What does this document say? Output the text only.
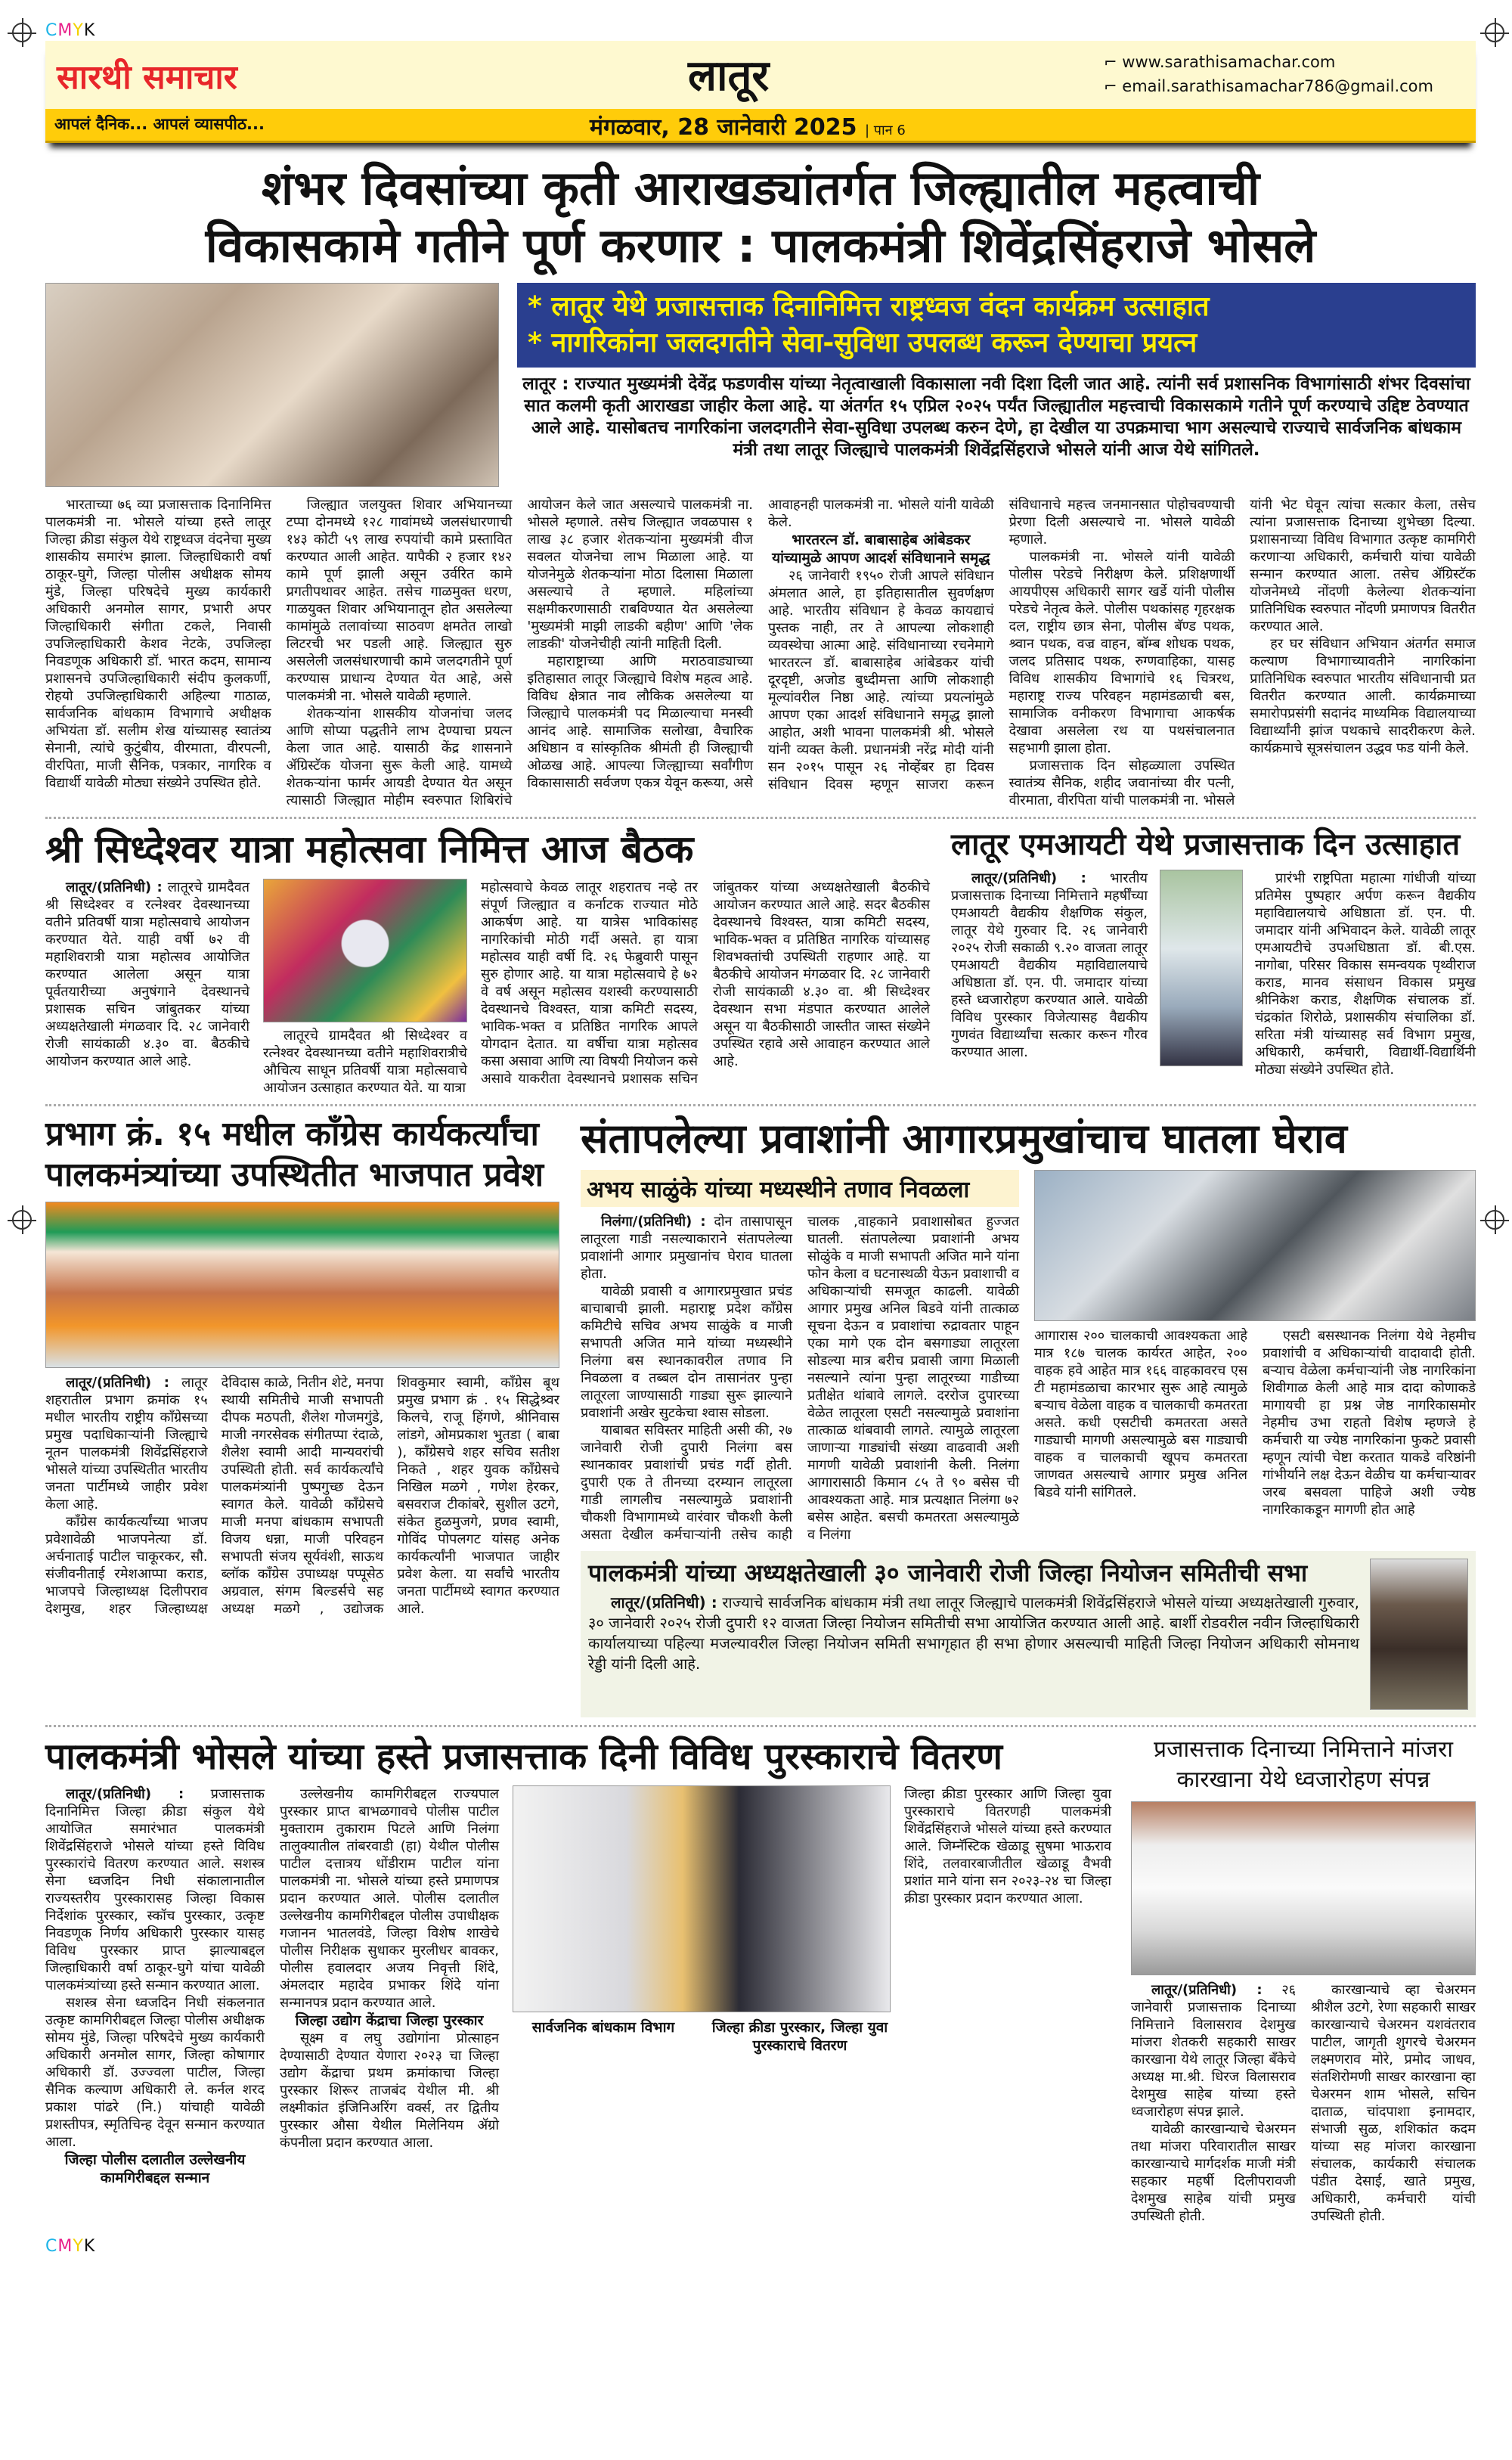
CMYK
सारथी समाचार	लातूर	⌐ www.sarathisamachar.com
⌐ email.sarathisamachar786@gmail.com
आपलं दैनिक... आपलं व्यासपीठ...	मंगळवार, 28 जानेवारी 2025 | पान 6
शंभर दिवसांच्या कृती आराखड्यांतर्गत जिल्ह्यातील महत्वाची
विकासकामे गतीने पूर्ण करणार : पालकमंत्री शिवेंद्रसिंहराजे भोसले
* लातूर येथे प्रजासत्ताक दिनानिमित्त राष्ट्रध्वज वंदन कार्यक्रम उत्साहात
* नागरिकांना जलदगतीने सेवा-सुविधा उपलब्ध करून देण्याचा प्रयत्न

लातूर : राज्यात मुख्यमंत्री देवेंद्र फडणवीस यांच्या नेतृत्वाखाली विकासाला नवी दिशा दिली जात आहे. त्यांनी सर्व प्रशासनिक विभागांसाठी शंभर दिवसांचा सात कलमी कृती आराखडा जाहीर केला आहे. या अंतर्गत १५ एप्रिल २०२५ पर्यंत जिल्ह्यातील महत्त्वाची विकासकामे गतीने पूर्ण करण्याचे उद्दिष्ट ठेवण्यात आले आहे. यासोबतच नागरिकांना जलदगतीने सेवा-सुविधा उपलब्ध करुन देणे, हा देखील या उपक्रमाचा भाग असल्याचे राज्याचे सार्वजनिक बांधकाम मंत्री तथा लातूर जिल्ह्याचे पालकमंत्री शिवेंद्रसिंहराजे भोसले यांनी आज येथे सांगितले.

भारताच्या ७६ व्या प्रजासत्ताक दिनानिमित्त पालकमंत्री ना. भोसले यांच्या हस्ते लातूर जिल्हा क्रीडा संकुल येथे राष्ट्रध्वज वंदनेचा मुख्य शासकीय समारंभ झाला. जिल्हाधिकारी वर्षा ठाकूर-घुगे, जिल्हा पोलीस अधीक्षक सोमय मुंडे, जिल्हा परिषदेचे मुख्य कार्यकारी अधिकारी अनमोल सागर, प्रभारी अपर जिल्हाधिकारी संगीता टकले, निवासी उपजिल्हाधिकारी केशव नेटके, उपजिल्हा निवडणूक अधिकारी डॉ. भारत कदम, सामान्य प्रशासनचे उपजिल्हाधिकारी संदीप कुलकर्णी, रोहयो उपजिल्हाधिकारी अहिल्या गाठाळ, सार्वजनिक बांधकाम विभागाचे अधीक्षक अभियंता डॉ. सलीम शेख यांच्यासह स्वातंत्र्य सेनानी, त्यांचे कुटुंबीय, वीरमाता, वीरपत्नी, वीरपिता, माजी सैनिक, पत्रकार, नागरिक व विद्यार्थी यावेळी मोठ्या संख्येने उपस्थित होते.

जिल्ह्यात जलयुक्त शिवार अभियानच्या टप्पा दोनमध्ये १२८ गावांमध्ये जलसंधारणाची १४३ कोटी ५९ लाख रुपयांची कामे प्रस्तावित करण्यात आली आहेत. यापैकी २ हजार १४२ कामे पूर्ण झाली असून उर्वरित कामे प्रगतीपथावर आहेत. तसेच गाळमुक्त धरण, गाळयुक्त शिवार अभियानातून होत असलेल्या कामांमुळे तलावांच्या साठवण क्षमतेत लाखो लिटरची भर पडली आहे. जिल्ह्यात सुरु असलेली जलसंधारणाची कामे जलदगतीने पूर्ण करण्यास प्राधान्य देण्यात येत आहे, असे पालकमंत्री ना. भोसले यावेळी म्हणाले.

शेतकऱ्यांना शासकीय योजनांचा जलद आणि सोप्या पद्धतीने लाभ देण्याचा प्रयत्न केला जात आहे. यासाठी केंद्र शासनाने ॲग्रिस्टॅक योजना सुरू केली आहे. यामध्ये शेतकऱ्यांना फार्मर आयडी देण्यात येत असून त्यासाठी जिल्ह्यात मोहीम स्वरुपात शिबिरांचे आयोजन केले जात असल्याचे पालकमंत्री ना. भोसले म्हणाले. तसेच जिल्ह्यात जवळपास १ लाख ३८ हजार शेतकऱ्यांना मुख्यमंत्री वीज सवलत योजनेचा लाभ मिळाला आहे. या योजनेमुळे शेतकऱ्यांना मोठा दिलासा मिळाला असल्याचे ते म्हणाले. महिलांच्या सक्षमीकरणासाठी राबविण्यात येत असलेल्या 'मुख्यमंत्री माझी लाडकी बहीण' आणि 'लेक लाडकी' योजनेचीही त्यांनी माहिती दिली.

महाराष्ट्राच्या आणि मराठवाड्याच्या इतिहासात लातूर जिल्ह्याचे विशेष महत्व आहे. विविध क्षेत्रात नाव लौकिक असलेल्या या जिल्ह्याचे पालकमंत्री पद मिळाल्याचा मनस्वी आनंद आहे. सामाजिक सलोखा, वैचारिक अधिष्ठान व सांस्कृतिक श्रीमंती ही जिल्ह्याची ओळख आहे. आपल्या जिल्ह्याच्या सर्वांगीण विकासासाठी सर्वजण एकत्र येवून करूया, असे आवाहनही पालकमंत्री ना. भोसले यांनी यावेळी केले.

भारतरत्न डॉ. बाबासाहेब आंबेडकर यांच्यामुळे आपण आदर्श संविधानाने समृद्ध

२६ जानेवारी १९५० रोजी आपले संविधान अंमलात आले, हा इतिहासातील सुवर्णक्षण आहे. भारतीय संविधान हे केवळ कायद्याचं पुस्तक नाही, तर ते आपल्या लोकशाही व्यवस्थेचा आत्मा आहे. संविधानाच्या रचनेमागे भारतरत्न डॉ. बाबासाहेब आंबेडकर यांची दूरदृष्टी, अजोड बुध्दीमत्ता आणि लोकशाही मूल्यांवरील निष्ठा आहे. त्यांच्या प्रयत्नांमुळे आपण एका आदर्श संविधानाने समृद्ध झालो आहोत, अशी भावना पालकमंत्री श्री. भोसले यांनी व्यक्त केली. प्रधानमंत्री नरेंद्र मोदी यांनी सन २०१५ पासून २६ नोव्हेंबर हा दिवस संविधान दिवस म्हणून साजरा करून संविधानाचे महत्त्व जनमानसात पोहोचवण्याची प्रेरणा दिली असल्याचे ना. भोसले यावेळी म्हणाले.

पालकमंत्री ना. भोसले यांनी यावेळी पोलीस परेडचे निरीक्षण केले. प्रशिक्षणार्थी आयपीएस अधिकारी सागर खर्डे यांनी पोलीस परेडचे नेतृत्व केले. पोलीस पथकांसह गृहरक्षक दल, राष्ट्रीय छात्र सेना, पोलीस बॅण्ड पथक, श्र्वान पथक, वज्र वाहन, बॉम्ब शोधक पथक, जलद प्रतिसाद पथक, रुग्णवाहिका, यासह विविध शासकीय विभागांचे १६ चित्ररथ, महाराष्ट्र राज्य परिवहन महामंडळाची बस, सामाजिक वनीकरण विभागाचा आकर्षक देखावा असलेला रथ या पथसंचालनात सहभागी झाला होता.

प्रजासत्ताक दिन सोहळ्याला उपस्थित स्वातंत्र्य सैनिक, शहीद जवानांच्या वीर पत्नी, वीरमाता, वीरपिता यांची पालकमंत्री ना. भोसले यांनी भेट घेवून त्यांचा सत्कार केला, तसेच त्यांना प्रजासत्ताक दिनाच्या शुभेच्छा दिल्या. प्रशासनाच्या विविध विभागात उत्कृष्ट कामगिरी करणाऱ्या अधिकारी, कर्मचारी यांचा यावेळी सन्मान करण्यात आला. तसेच ॲग्रिस्टॅक योजनेमध्ये नोंदणी केलेल्या शेतकऱ्यांना प्रातिनिधिक स्वरुपात नोंदणी प्रमाणपत्र वितरीत करण्यात आले.

हर घर संविधान अभियान अंतर्गत समाज कल्याण विभागाच्यावतीने नागरिकांना प्रातिनिधिक स्वरुपात भारतीय संविधानाची प्रत वितरीत करण्यात आली. कार्यक्रमाच्या समारोपप्रसंगी सदानंद माध्यमिक विद्यालयाच्या विद्यार्थ्यांनी झांज पथकाचे सादरीकरण केले. कार्यक्रमाचे सूत्रसंचालन उद्धव फड यांनी केले.

श्री सिध्देश्वर यात्रा महोत्सवा निमित्त आज बैठक

लातूर/(प्रतिनिधी) : लातूरचे ग्रामदैवत श्री सिध्देश्वर व रत्नेश्वर देवस्थानच्या वतीने प्रतिवर्षी यात्रा महोत्सवाचे आयोजन करण्यात येते. याही वर्षी ७२ वी महाशिवरात्री यात्रा महोत्सव आयोजित करण्यात आलेला असून यात्रा पूर्वतयारीच्या अनुषंगाने देवस्थानचे प्रशासक सचिन जांबुतकर यांच्या अध्यक्षतेखाली मंगळवार दि. २८ जानेवारी रोजी सायंकाळी ४.३० वा. बैठकीचे आयोजन करण्यात आले आहे.

लातूरचे ग्रामदैवत श्री सिध्देश्वर व रत्नेश्वर देवस्थानच्या वतीने महाशिवरात्रीचे औचित्य साधून प्रतिवर्षी यात्रा महोत्सवाचे आयोजन उत्साहात करण्यात येते. या यात्रा

महोत्सवाचे केवळ लातूर शहरातच नव्हे तर संपूर्ण जिल्ह्यात व कर्नाटक राज्यात मोठे आकर्षण आहे. या यात्रेस भाविकांसह नागरिकांची मोठी गर्दी असते. हा यात्रा महोत्सव याही वर्षी दि. २६ फेब्रुवारी पासून सुरु होणार आहे. या यात्रा महोत्सवाचे हे ७२ वे वर्ष असून महोत्सव यशस्वी करण्यासाठी देवस्थानचे विश्वस्त, यात्रा कमिटी सदस्य, भाविक-भक्त व प्रतिष्ठित नागरिक आपले योगदान देतात. या वर्षीचा यात्रा महोत्सव कसा असावा आणि त्या विषयी नियोजन कसे असावे याकरीता देवस्थानचे प्रशासक सचिन जांबुतकर यांच्या अध्यक्षतेखाली बैठकीचे आयोजन करण्यात आले आहे. सदर बैठकीस देवस्थानचे विश्वस्त, यात्रा कमिटी सदस्य, भाविक-भक्त व प्रतिष्ठित नागरिक यांच्यासह शिवभक्तांची उपस्थिती राहणार आहे. या बैठकीचे आयोजन मंगळवार दि. २८ जानेवारी रोजी सायंकाळी ४.३० वा. श्री सिध्देश्वर देवस्थान सभा मंडपात करण्यात आलेले असून या बैठकीसाठी जास्तीत जास्त संख्येने उपस्थित रहावे असे आवाहन करण्यात आले आहे.

लातूर एमआयटी येथे प्रजासत्ताक दिन उत्साहात

लातूर/(प्रतिनिधी) : भारतीय प्रजासत्ताक दिनाच्या निमित्ताने महर्षींच्या एमआयटी वैद्यकीय शैक्षणिक संकुल, लातूर येथे गुरुवार दि. २६ जानेवारी २०२५ रोजी सकाळी ९.२० वाजता लातूर एमआयटी वैद्यकीय महाविद्यालयाचे अधिष्ठाता डॉ. एन. पी. जमादार यांच्या हस्ते ध्वजारोहण करण्यात आले. यावेळी विविध पुरस्कार विजेत्यासह वैद्यकीय गुणवंत विद्यार्थ्यांचा सत्कार करून गौरव करण्यात आला.

प्रारंभी राष्ट्रपिता महात्मा गांधीजी यांच्या प्रतिमेस पुष्पहार अर्पण करून वैद्यकीय महाविद्यालयाचे अधिष्ठाता डॉ. एन. पी. जमादार यांनी अभिवादन केले. यावेळी लातूर एमआयटीचे उपअधिष्ठाता डॉ. बी.एस. नागोबा, परिसर विकास समन्वयक पृथ्वीराज कराड, मानव संसाधन विकास प्रमुख श्रीनिकेश कराड, शैक्षणिक संचालक डॉ. चंद्रकांत शिरोळे, प्रशासकीय संचालिका डॉ. सरिता मंत्री यांच्यासह सर्व विभाग प्रमुख, अधिकारी, कर्मचारी, विद्यार्थी-विद्यार्थिनी मोठ्या संख्येने उपस्थित होते.

प्रभाग क्रं. १५ मधील काँग्रेस कार्यकर्त्यांचा
पालकमंत्र्यांच्या उपस्थितीत भाजपात प्रवेश

लातूर/(प्रतिनिधी) : लातूर शहरातील प्रभाग क्रमांक १५ मधील भारतीय राष्ट्रीय काँग्रेसच्या प्रमुख पदाधिकाऱ्यांनी जिल्ह्याचे नूतन पालकमंत्री शिवेंद्रसिंहराजे भोसले यांच्या उपस्थितीत भारतीय जनता पार्टीमध्ये जाहीर प्रवेश केला आहे.

काँग्रेस कार्यकर्त्यांच्या भाजप प्रवेशावेळी भाजपनेत्या डॉ. अर्चनाताई पाटील चाकूरकर, सौ. संजीवनीताई रमेशआप्पा कराड, भाजपचे जिल्हाध्यक्ष दिलीपराव देशमुख, शहर जिल्हाध्यक्ष देविदास काळे, नितीन शेटे, मनपा स्थायी समितीचे माजी सभापती दीपक मठपती, शैलेश गोजमगुंडे, माजी नगरसेवक संगीतप्पा रंदाळे, शैलेश स्वामी आदी मान्यवरांची उपस्थिती होती. सर्व कार्यकर्त्यांचे पालकमंत्र्यांनी पुष्पगुच्छ देऊन स्वागत केले. यावेळी काँग्रेसचे माजी मनपा बांधकाम सभापती विजय धन्ना, माजी परिवहन सभापती संजय सूर्यवंशी, साऊथ ब्लॉक काँग्रेस उपाध्यक्ष पप्पूसेठ अग्रवाल, संगम बिल्डर्सचे सह अध्यक्ष मळगे , उद्योजक शिवकुमार स्वामी, काँग्रेस बूथ प्रमुख प्रभाग क्रं . १५ सिद्धेश्र्वर किलचे, राजू हिंगणे, श्रीनिवास लांडगे, ओमप्रकाश भुतडा ( बाबा ), काँग्रेसचे शहर सचिव सतीश निकते , शहर युवक काँग्रेसचे निखिल मळगे , गणेश हेरकर, बसवराज टीकांबरे, सुशील उटगे, संकेत हुळमुजगे, प्रणव स्वामी, गोविंद पोपलगट यांसह अनेक कार्यकर्त्यांनी भाजपात जाहीर प्रवेश केला. या सर्वांचे भारतीय जनता पार्टीमध्ये स्वागत करण्यात आले.

संतापलेल्या प्रवाशांनी आगारप्रमुखांचाच घातला घेराव
अभय साळुंके यांच्या मध्यस्थीने तणाव निवळला

निलंगा/(प्रतिनिधी) : दोन तासापासून लातूरला गाडी नसल्याकाराने संतापलेल्या प्रवाशांनी आगार प्रमुखानांच घेराव घातला होता.

यावेळी प्रवासी व आगारप्रमुखात प्रचंड बाचाबाची झाली. महाराष्ट्र प्रदेश काँग्रेस कमिटीचे सचिव अभय साळुंके व माजी सभापती अजित माने यांच्या मध्यस्थीने निलंगा बस स्थानकावरील तणाव नि निवळला व तब्बल दोन तासानंतर पुन्हा लातूरला जाण्यासाठी गाड्या सुरू झाल्याने प्रवाशांनी अखेर सुटकेचा श्वास सोडला.

याबाबत सविस्तर माहिती असी की, २७ जानेवारी रोजी दुपारी निलंगा बस स्थानकावर प्रवाशांची प्रचंड गर्दी होती. दुपारी एक ते तीनच्या दरम्यान लातूरला गाडी लागलीच नसल्यामुळे प्रवाशांनी चौकशी विभागामध्ये वारंवार चौकशी केली असता देखील कर्मचाऱ्यांनी तसेच काही चालक ,वाहकाने प्रवाशासोबत हुज्जत घातली. संतापलेल्या प्रवाशांनी अभय सोळुंके व माजी सभापती अजित माने यांना फोन केला व घटनास्थळी येऊन प्रवाशाची व अधिकाऱ्यांची समजूत काढली. यावेळी आगार प्रमुख अनिल बिडवे यांनी तात्काळ सूचना देऊन व प्रवाशांचा रुद्रावतार पाहून एका मागे एक दोन बसगाड्या लातूरला सोडल्या मात्र बरीच प्रवासी जागा मिळाली नसल्याने त्यांना पुन्हा लातूरच्या गाडीच्या प्रतीक्षेत थांबावे लागले. दररोज दुपारच्या वेळेत लातूरला एसटी नसल्यामुळे प्रवाशांना तात्काळ थांबवावी लागते. त्यामुळे लातूरला जाणाऱ्या गाड्यांची संख्या वाढवावी अशी मागणी यावेळी प्रवाशांनी केली. निलंगा आगारासाठी किमान ८५ ते ९० बसेस ची आवश्यकता आहे. मात्र प्रत्यक्षात निलंगा ७२ बसेस आहेत. बसची कमतरता असल्यामुळे व निलंगा

आगारास २०० चालकाची आवश्यकता आहे मात्र १८७ चालक कार्यरत आहेत, २०० वाहक हवे आहेत मात्र १६६ वाहकावरच एस टी महामंडळाचा कारभार सुरू आहे त्यामुळे बऱ्याच वेळेला वाहक व चालकाची कमतरता असते. कधी एसटीची कमतरता असते गाड्याची मागणी असल्यामुळे बस गाड्याची वाहक व चालकाची खूपच कमतरता जाणवत असल्याचे आगार प्रमुख अनिल बिडवे यांनी सांगितले.

एसटी बसस्थानक निलंगा येथे नेहमीच प्रवाशांची व अधिकाऱ्यांची वादावादी होती. बऱ्याच वेळेला कर्मचाऱ्यांनी जेष्ठ नागरिकांना शिवीगाळ केली आहे मात्र दादा कोणाकडे मागायची हा प्रश्न जेष्ठ नागरिकासमोर नेहमीच उभा राहतो विशेष म्हणजे हे कर्मचारी या ज्येष्ठ नागरिकांना फुकटे प्रवासी म्हणून त्यांची चेष्टा करतात याकडे वरिष्ठांनी गांभीर्याने लक्ष देऊन वेळीच या कर्मचाऱ्यावर जरब बसवला पाहिजे अशी ज्येष्ठ नागरिकाकडून मागणी होत आहे

पालकमंत्री यांच्या अध्यक्षतेखाली ३० जानेवारी रोजी जिल्हा नियोजन समितीची सभा

लातूर/(प्रतिनिधी) : राज्याचे सार्वजनिक बांधकाम मंत्री तथा लातूर जिल्ह्याचे पालकमंत्री शिवेंद्रसिंहराजे भोसले यांच्या अध्यक्षतेखाली गुरुवार, ३० जानेवारी २०२५ रोजी दुपारी १२ वाजता जिल्हा नियोजन समितीची सभा आयोजित करण्यात आली आहे. बार्शी रोडवरील नवीन जिल्हाधिकारी कार्यालयाच्या पहिल्या मजल्यावरील जिल्हा नियोजन समिती सभागृहात ही सभा होणार असल्याची माहिती जिल्हा नियोजन अधिकारी सोमनाथ रेड्डी यांनी दिली आहे.

पालकमंत्री भोसले यांच्या हस्ते प्रजासत्ताक दिनी विविध पुरस्काराचे वितरण

लातूर/(प्रतिनिधी) : प्रजासत्ताक दिनानिमित्त जिल्हा क्रीडा संकुल येथे आयोजित समारंभात पालकमंत्री शिवेंद्रसिंहराजे भोसले यांच्या हस्ते विविध पुरस्कारांचे वितरण करण्यात आले. सशस्त्र सेना ध्वजदिन निधी संकालानातील राज्यस्तरीय पुरस्कारासह जिल्हा विकास निर्देशांक पुरस्कार, स्कॉच पुरस्कार, उत्कृष्ट निवडणूक निर्णय अधिकारी पुरस्कार यासह विविध पुरस्कार प्राप्त झाल्याबद्दल जिल्हाधिकारी वर्षा ठाकूर-घुगे यांचा यावेळी पालकमंत्र्यांच्या हस्ते सन्मान करण्यात आला.

सशस्त्र सेना ध्वजदिन निधी संकलनात उत्कृष्ट कामगिरीबद्दल जिल्हा पोलीस अधीक्षक सोमय मुंडे, जिल्हा परिषदेचे मुख्य कार्यकारी अधिकारी अनमोल सागर, जिल्हा कोषागार अधिकारी डॉ. उज्ज्वला पाटील, जिल्हा सैनिक कल्याण अधिकारी ले. कर्नल शरद प्रकाश पांढरे (नि.) यांचाही यावेळी प्रशस्तीपत्र, स्मृतिचिन्ह देवून सन्मान करण्यात आला.

जिल्हा पोलीस दलातील उल्लेखनीय कामगिरीबद्दल सन्मान

उल्लेखनीय कामगिरीबद्दल राज्यपाल पुरस्कार प्राप्त बाभळगावचे पोलीस पाटील मुक्ताराम तुकाराम पिटले आणि निलंगा तालुक्यातील तांबरवाडी (हा) येथील पोलीस पाटील दत्तात्रय धोंडीराम पाटील यांना पालकमंत्री ना. भोसले यांच्या हस्ते प्रमाणपत्र प्रदान करण्यात आले. पोलीस दलातील उल्लेखनीय कामगिरीबद्दल पोलीस उपाधीक्षक गजानन भातलवंडे, जिल्हा विशेष शाखेचे पोलीस निरीक्षक सुधाकर मुरलीधर बावकर, पोलीस हवालदार अजय निवृत्ती शिंदे, अंमलदार महादेव प्रभाकर शिंदे यांना सन्मानपत्र प्रदान करण्यात आले.

जिल्हा उद्योग केंद्राचा जिल्हा पुरस्कार

सूक्ष्म व लघु उद्योगांना प्रोत्साहन देण्यासाठी देण्यात येणारा २०२३ चा जिल्हा उद्योग केंद्राचा प्रथम क्रमांकाचा जिल्हा पुरस्कार शिरूर ताजबंद येथील मी. श्री लक्ष्मीकांत इंजिनिअरिंग वर्क्स, तर द्वितीय पुरस्कार औसा येथील मिलेनियम ॲग्रो कंपनीला प्रदान करण्यात आला.

सार्वजनिक बांधकाम विभाग	जिल्हा क्रीडा पुरस्कार, जिल्हा युवा पुरस्काराचे वितरण

जिल्हा क्रीडा पुरस्कार आणि जिल्हा युवा पुरस्काराचे वितरणही पालकमंत्री शिवेंद्रसिंहराजे भोसले यांच्या हस्ते करण्यात आले. जिम्नॅस्टिक खेळाडू सुषमा भाऊराव शिंदे, तलवारबाजीतील खेळाडू वैभवी प्रशांत माने यांना सन २०२३-२४ चा जिल्हा क्रीडा पुरस्कार प्रदान करण्यात आला.

प्रजासत्ताक दिनाच्या निमित्ताने मांजरा
कारखाना येथे ध्वजारोहण संपन्न

लातूर/(प्रतिनिधी) : २६ जानेवारी प्रजासत्ताक दिनाच्या निमित्ताने विलासराव देशमुख मांजरा शेतकरी सहकारी साखर कारखाना येथे लातूर जिल्हा बँकेचे अध्यक्ष मा.श्री. धिरज विलासराव देशमुख साहेब यांच्या हस्ते ध्वजारोहण संपन्न झाले.

यावेळी कारखान्याचे चेअरमन तथा मांजरा परिवारातील साखर कारखान्याचे मार्गदर्शक माजी मंत्री सहकार महर्षी दिलीपरावजी देशमुख साहेब यांची प्रमुख उपस्थिती होती.

कारखान्याचे व्हा चेअरमन श्रीशैल उटगे, रेणा सहकारी साखर कारखान्याचे चेअरमन यशवंतराव पाटील, जागृती शुगरचे चेअरमन लक्ष्मणराव मोरे, प्रमोद जाधव, संतशिरोमणी साखर कारखाना व्हा चेअरमन शाम भोसले, सचिन दाताळ, चांदपाशा इनामदार, संभाजी सुळ, शशिकांत कदम यांच्या सह मांजरा कारखाना संचालक, कार्यकारी संचालक पंडीत देसाई, खाते प्रमुख, अधिकारी, कर्मचारी यांची उपस्थिती होती.

CMYK
